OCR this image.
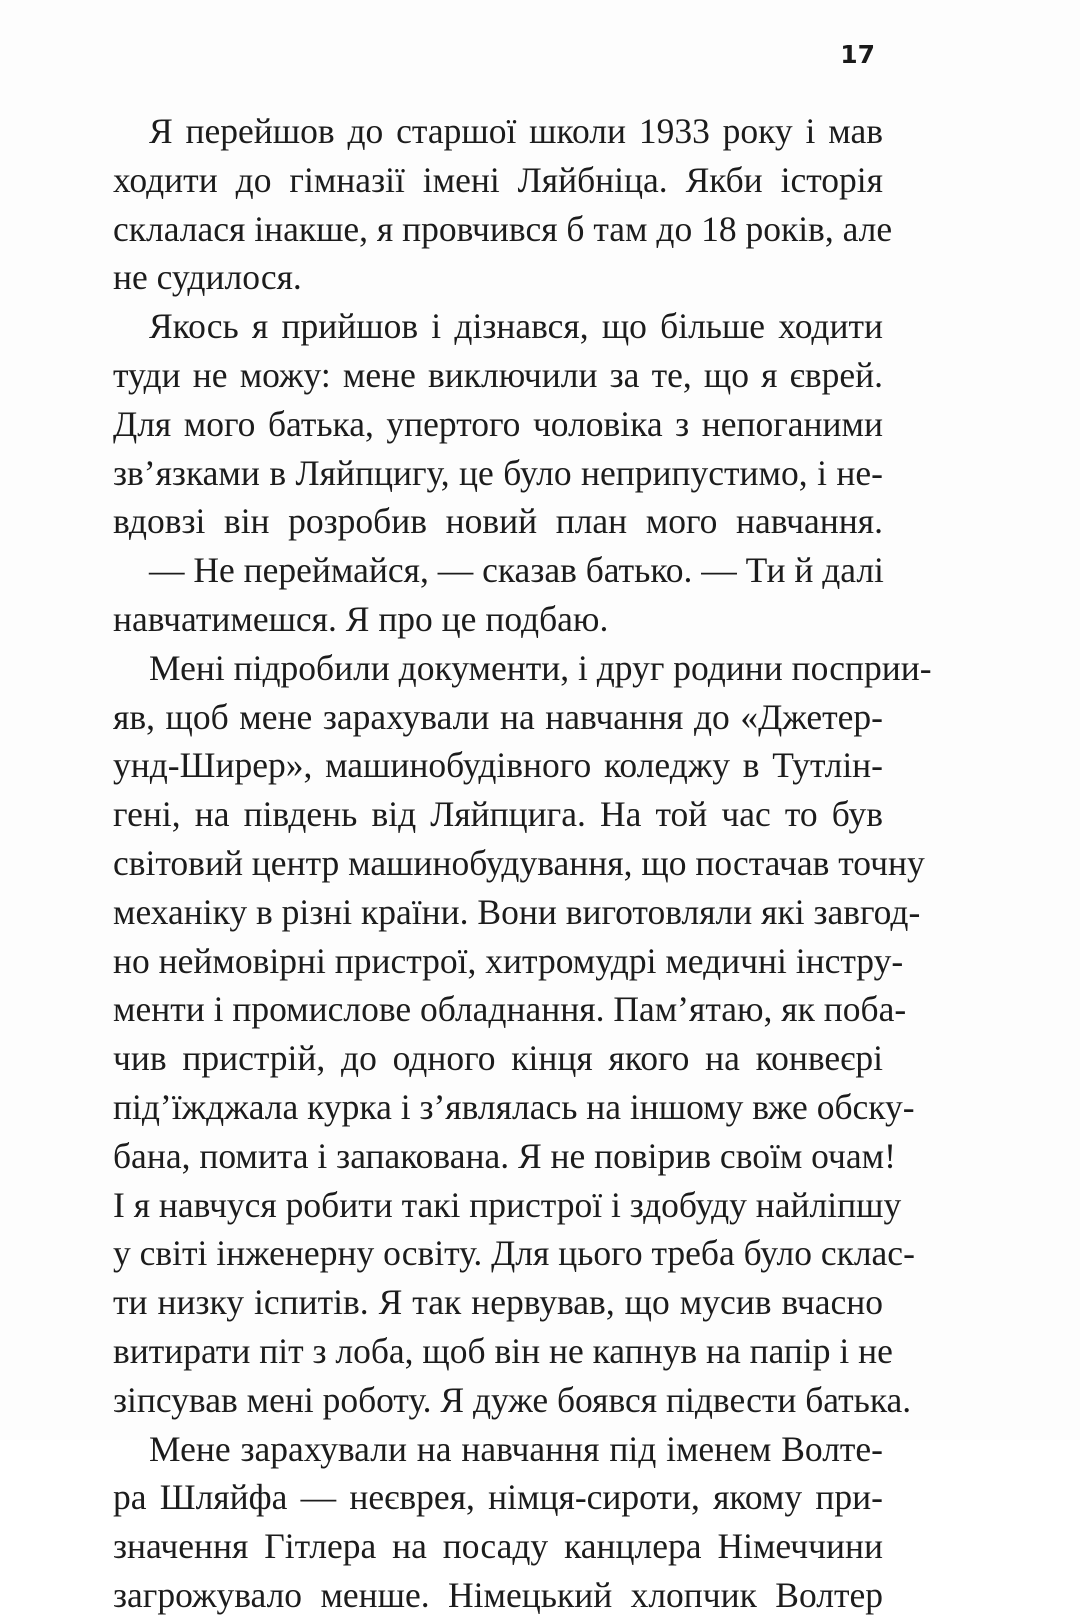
17

Я перейшов до старшої школи 1933 року і мав
ходити до гімназії імені Ляйбніца. Якби історія
склалася інакше, я провчився б там до 18 років, але
не судилося.

Якось я прийшов і дізнався, що більше ходити
туди не можу: мене виключили за те, що я єврей.
Для мого батька, упертого чоловіка з непоганими
зв’язками в Ляйпцигу, це було неприпустимо, і не-
вдовзі він розробив новий план мого навчання.

— Не переймайся, — сказав батько. — Ти й далі
навчатимешся. Я про це подбаю.

Мені підробили документи, і друг родини посприи-
яв, щоб мене зарахували на навчання до «Джетер-
унд-Ширер», машинобудівного коледжу в Тутлін-
гені, на південь від Ляйпцига. На той час то був
світовий центр машинобудування, що постачав точну
механіку в різні країни. Вони виготовляли які завгод-
но неймовірні пристрої, хитромудрі медичні інстру-
менти і промислове обладнання. Пам’ятаю, як поба-
чив пристрій, до одного кінця якого на конвеєрі
під’їжджала курка і з’являлась на іншому вже обску-
бана, помита і запакована. Я не повірив своїм очам!
І я навчуся робити такі пристрої і здобуду найліпшу
у світі інженерну освіту. Для цього треба було склас-
ти низку іспитів. Я так нервував, що мусив вчасно
витирати піт з лоба, щоб він не капнув на папір і не
зіпсував мені роботу. Я дуже боявся підвести батька.

Мене зарахували на навчання під іменем Волте-
ра Шляйфа — неєврея, німця-сироти, якому при-
значення Гітлера на посаду канцлера Німеччини
загрожувало менше. Німецький хлопчик Волтер
